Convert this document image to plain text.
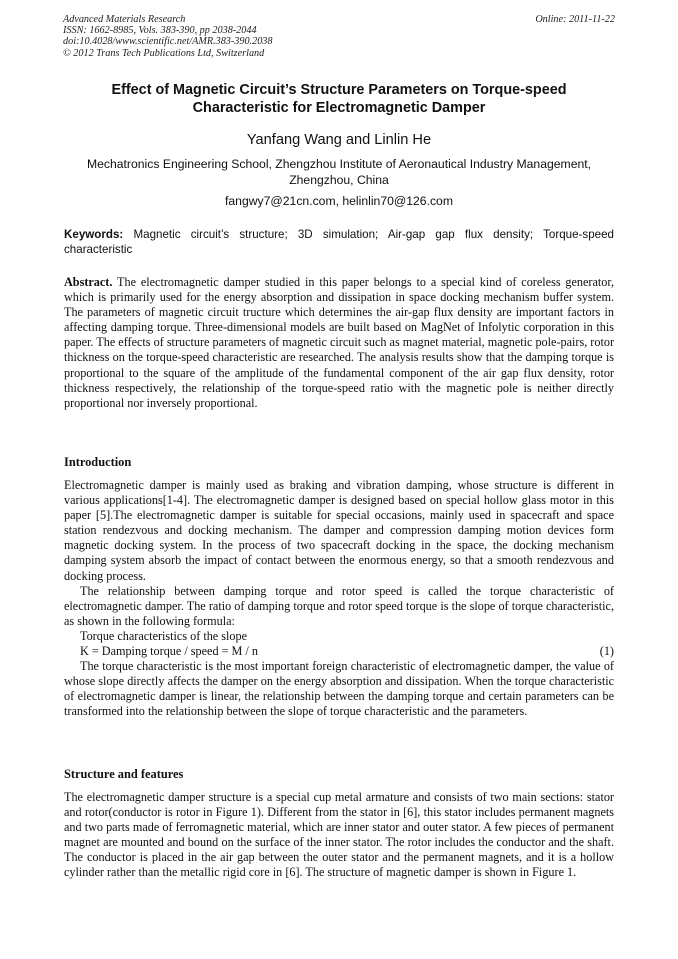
Advanced Materials Research
ISSN: 1662-8985, Vols. 383-390, pp 2038-2044
doi:10.4028/www.scientific.net/AMR.383-390.2038
© 2012 Trans Tech Publications Ltd, Switzerland
Online: 2011-11-22
Effect of Magnetic Circuit’s Structure Parameters on Torque-speed
Characteristic for Electromagnetic Damper
Yanfang Wang and Linlin He
Mechatronics Engineering School, Zhengzhou Institute of Aeronautical Industry Management,
Zhengzhou, China
fangwy7@21cn.com, helinlin70@126.com
Keywords: Magnetic circuit’s structure; 3D simulation; Air-gap gap flux density; Torque-speed characteristic
Abstract. The electromagnetic damper studied in this paper belongs to a special kind of coreless generator, which is primarily used for the energy absorption and dissipation in space docking mechanism buffer system. The parameters of magnetic circuit tructure which determines the air-gap flux density are important factors in affecting damping torque. Three-dimensional models are built based on MagNet of Infolytic corporation in this paper. The effects of structure parameters of magnetic circuit such as magnet material, magnetic pole-pairs, rotor thickness on the torque-speed characteristic are researched. The analysis results show that the damping torque is proportional to the square of the amplitude of the fundamental component of the air gap flux density, rotor thickness respectively, the relationship of the torque-speed ratio with the magnetic pole is neither directly proportional nor inversely proportional.
Introduction

Electromagnetic damper is mainly used as braking and vibration damping, whose structure is different in various applications[1-4]. The electromagnetic damper is designed based on special hollow glass motor in this paper [5].The electromagnetic damper is suitable for special occasions, mainly used in spacecraft and space station rendezvous and docking mechanism. The damper and compression damping motion devices form magnetic docking system. In the process of two spacecraft docking in the space, the docking mechanism damping system absorb the impact of contact between the enormous energy, so that a smooth rendezvous and docking process.

The relationship between damping torque and rotor speed is called the torque characteristic of electromagnetic damper. The ratio of damping torque and rotor speed torque is the slope of torque characteristic, as shown in the following formula:

Torque characteristics of the slope

K = Damping torque / speed = M / n	(1)

The torque characteristic is the most important foreign characteristic of electromagnetic damper, the value of whose slope directly affects the damper on the energy absorption and dissipation. When the torque characteristic of electromagnetic damper is linear, the relationship between the damping torque and certain parameters can be transformed into the relationship between the slope of torque characteristic and the parameters.

Structure and features

The electromagnetic damper structure is a special cup metal armature and consists of two main sections: stator and rotor(conductor is rotor in Figure 1). Different from the stator in [6], this stator includes permanent magnets and two parts made of ferromagnetic material, which are inner stator and outer stator. A few pieces of permanent magnet are mounted and bound on the surface of the inner stator. The rotor includes the conductor and the shaft. The conductor is placed in the air gap between the outer stator and the permanent magnets, and it is a hollow cylinder rather than the metallic rigid core in [6]. The structure of magnetic damper is shown in Figure 1.
